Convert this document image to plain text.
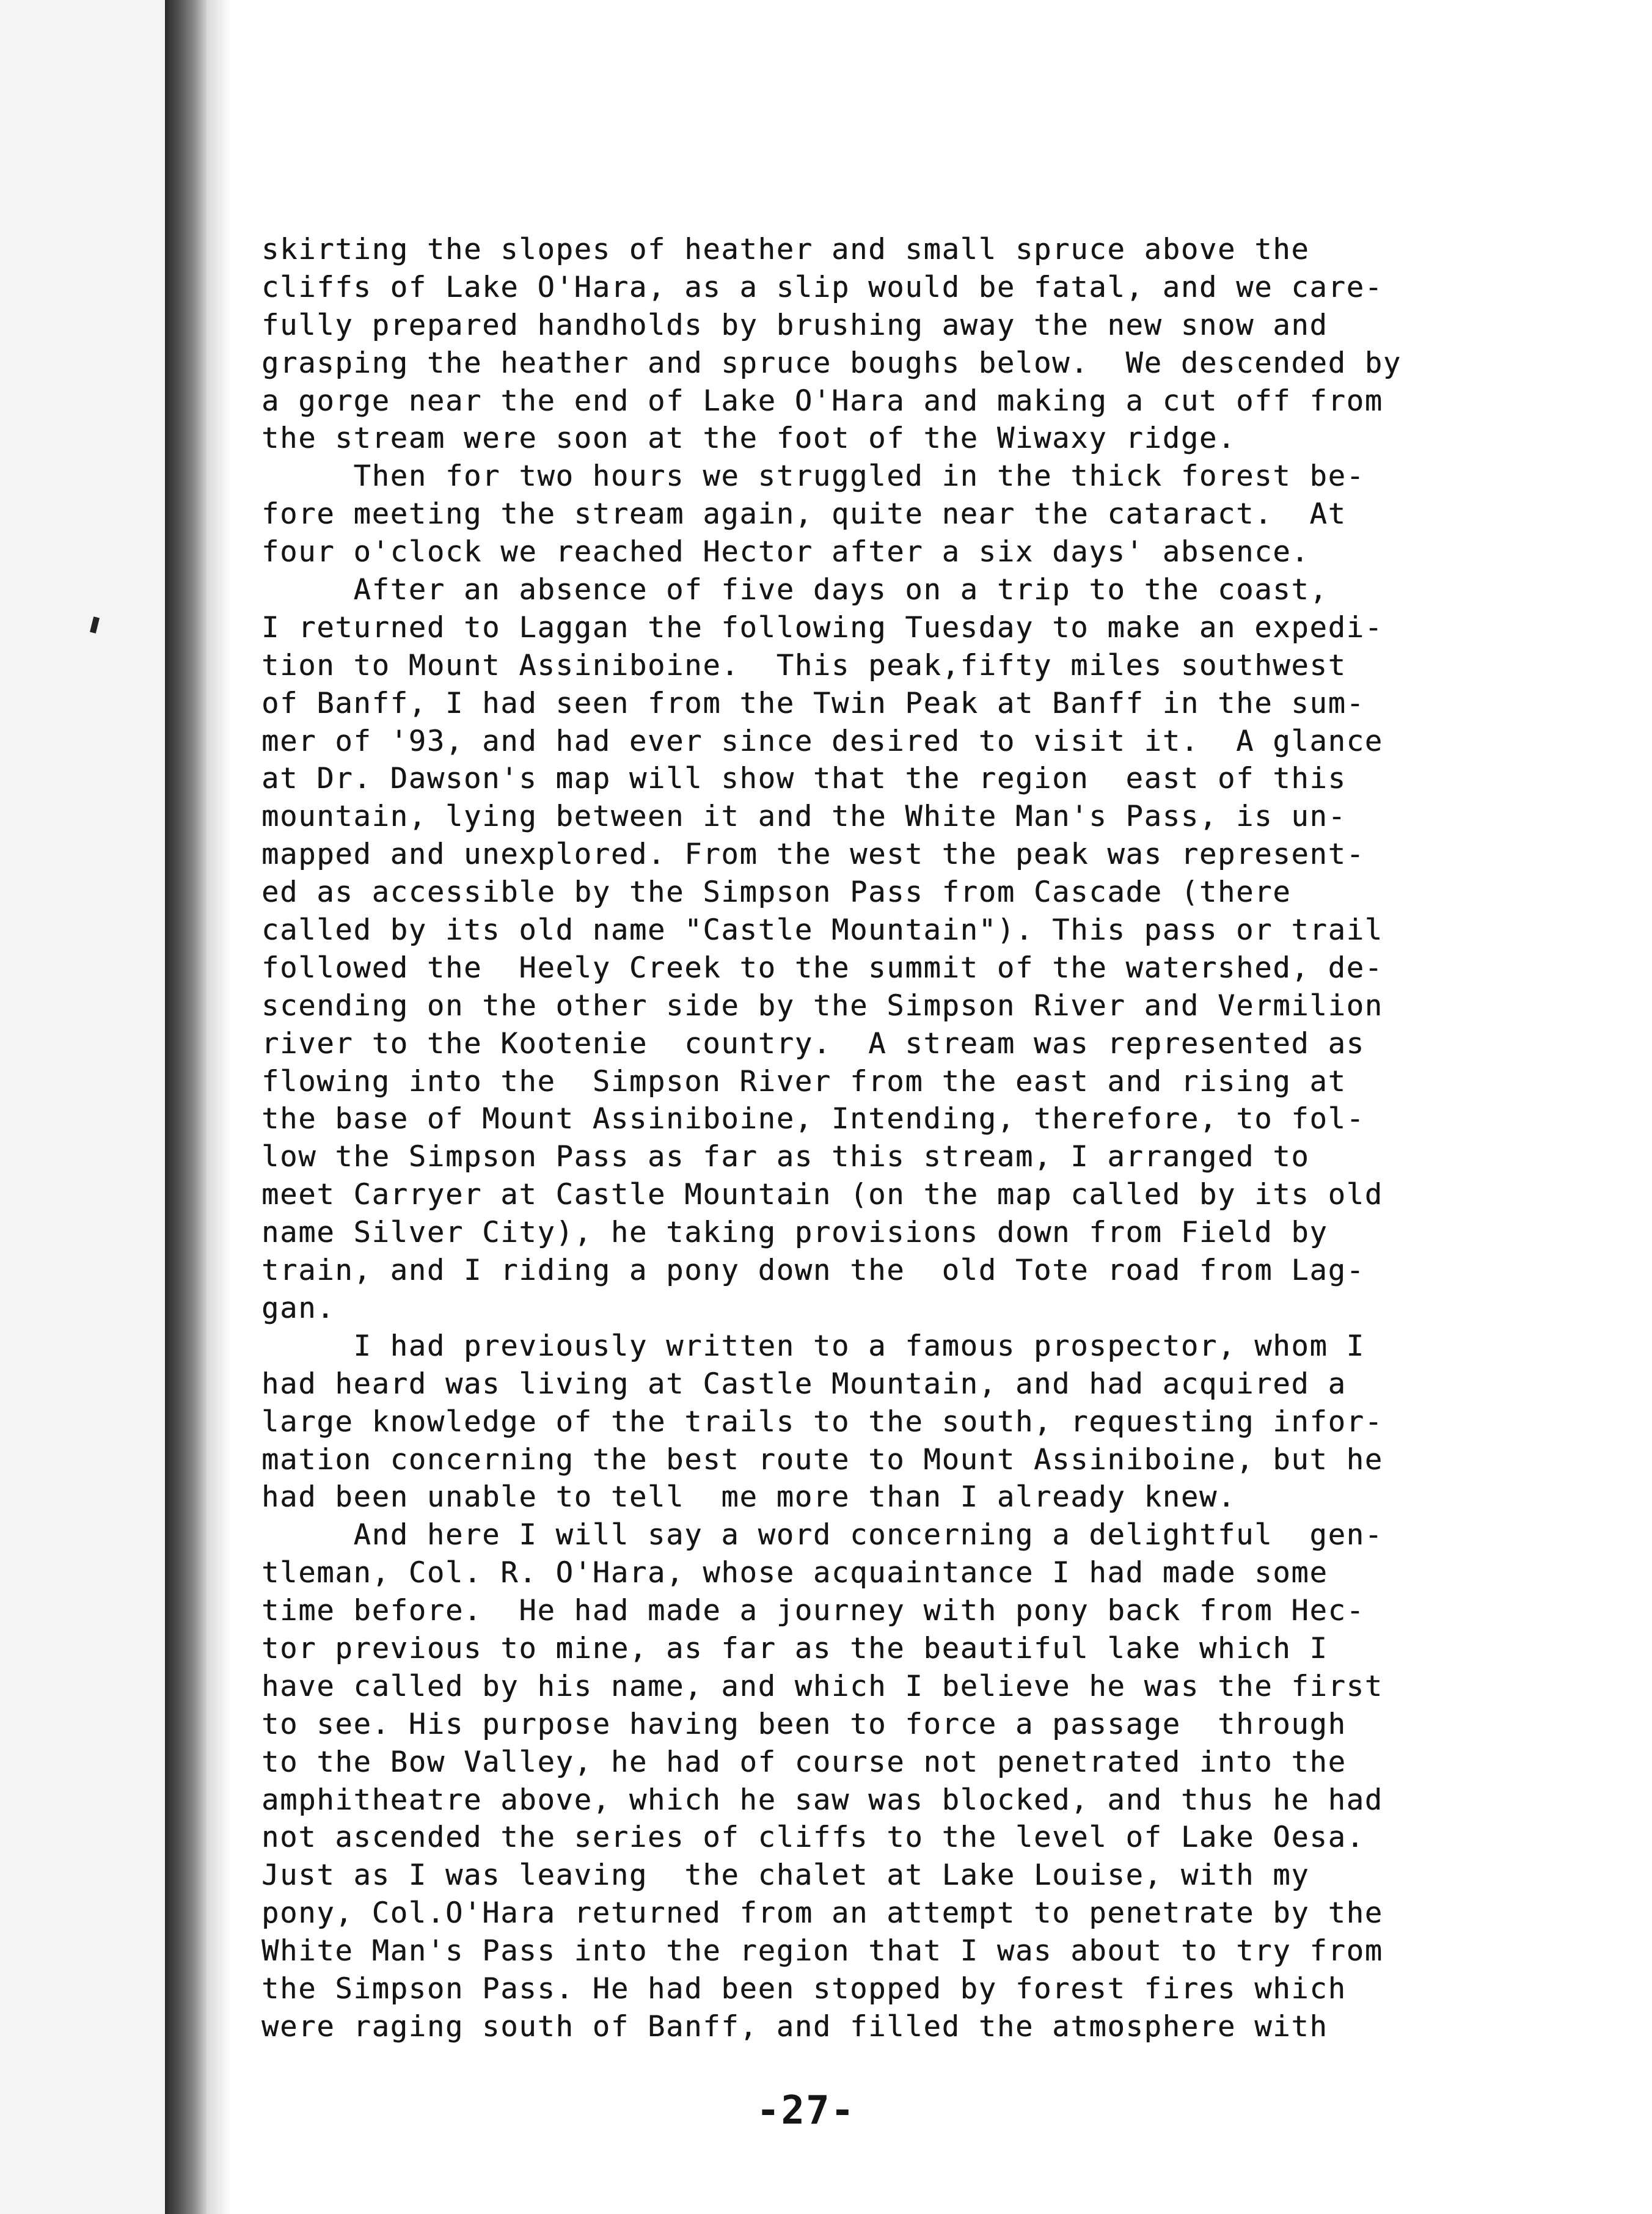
skirting the slopes of heather and small spruce above the
cliffs of Lake O'Hara, as a slip would be fatal, and we care-
fully prepared handholds by brushing away the new snow and
grasping the heather and spruce boughs below.  We descended by
a gorge near the end of Lake O'Hara and making a cut off from
the stream were soon at the foot of the Wiwaxy ridge.
Then for two hours we struggled in the thick forest be-
fore meeting the stream again, quite near the cataract.  At
four o'clock we reached Hector after a six days' absence.
After an absence of five days on a trip to the coast,
I returned to Laggan the following Tuesday to make an expedi-
tion to Mount Assiniboine.  This peak,fifty miles southwest
of Banff, I had seen from the Twin Peak at Banff in the sum-
mer of '93, and had ever since desired to visit it.  A glance
at Dr. Dawson's map will show that the region  east of this
mountain, lying between it and the White Man's Pass, is un-
mapped and unexplored. From the west the peak was represent-
ed as accessible by the Simpson Pass from Cascade (there
called by its old name "Castle Mountain"). This pass or trail
followed the  Heely Creek to the summit of the watershed, de-
scending on the other side by the Simpson River and Vermilion
river to the Kootenie  country.  A stream was represented as
flowing into the  Simpson River from the east and rising at
the base of Mount Assiniboine, Intending, therefore, to fol-
low the Simpson Pass as far as this stream, I arranged to
meet Carryer at Castle Mountain (on the map called by its old
name Silver City), he taking provisions down from Field by
train, and I riding a pony down the  old Tote road from Lag-
gan.
I had previously written to a famous prospector, whom I
had heard was living at Castle Mountain, and had acquired a
large knowledge of the trails to the south, requesting infor-
mation concerning the best route to Mount Assiniboine, but he
had been unable to tell  me more than I already knew.
And here I will say a word concerning a delightful  gen-
tleman, Col. R. O'Hara, whose acquaintance I had made some
time before.  He had made a journey with pony back from Hec-
tor previous to mine, as far as the beautiful lake which I
have called by his name, and which I believe he was the first
to see. His purpose having been to force a passage  through
to the Bow Valley, he had of course not penetrated into the
amphitheatre above, which he saw was blocked, and thus he had
not ascended the series of cliffs to the level of Lake Oesa.
Just as I was leaving  the chalet at Lake Louise, with my
pony, Col.O'Hara returned from an attempt to penetrate by the
White Man's Pass into the region that I was about to try from
the Simpson Pass. He had been stopped by forest fires which
were raging south of Banff, and filled the atmosphere with
-27-
